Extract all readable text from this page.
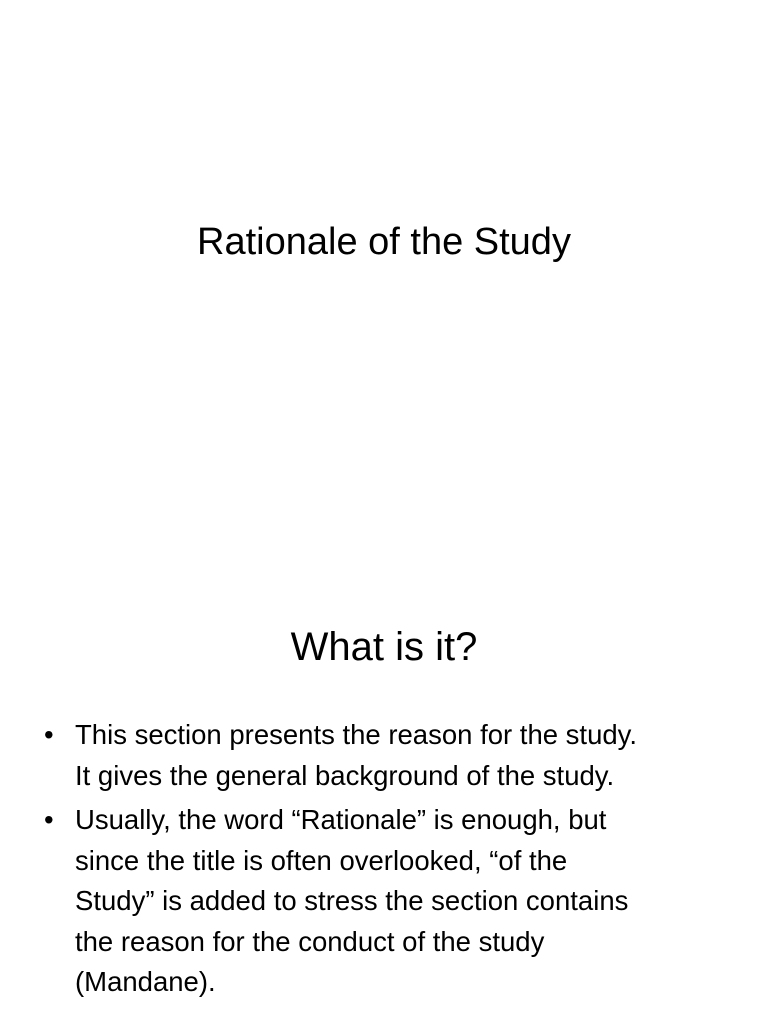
Rationale of the Study
What is it?
• This section presents the reason for the study.
It gives the general background of the study.
• Usually, the word “Rationale” is enough, but
since the title is often overlooked, “of the
Study” is added to stress the section contains
the reason for the conduct of the study
(Mandane).
